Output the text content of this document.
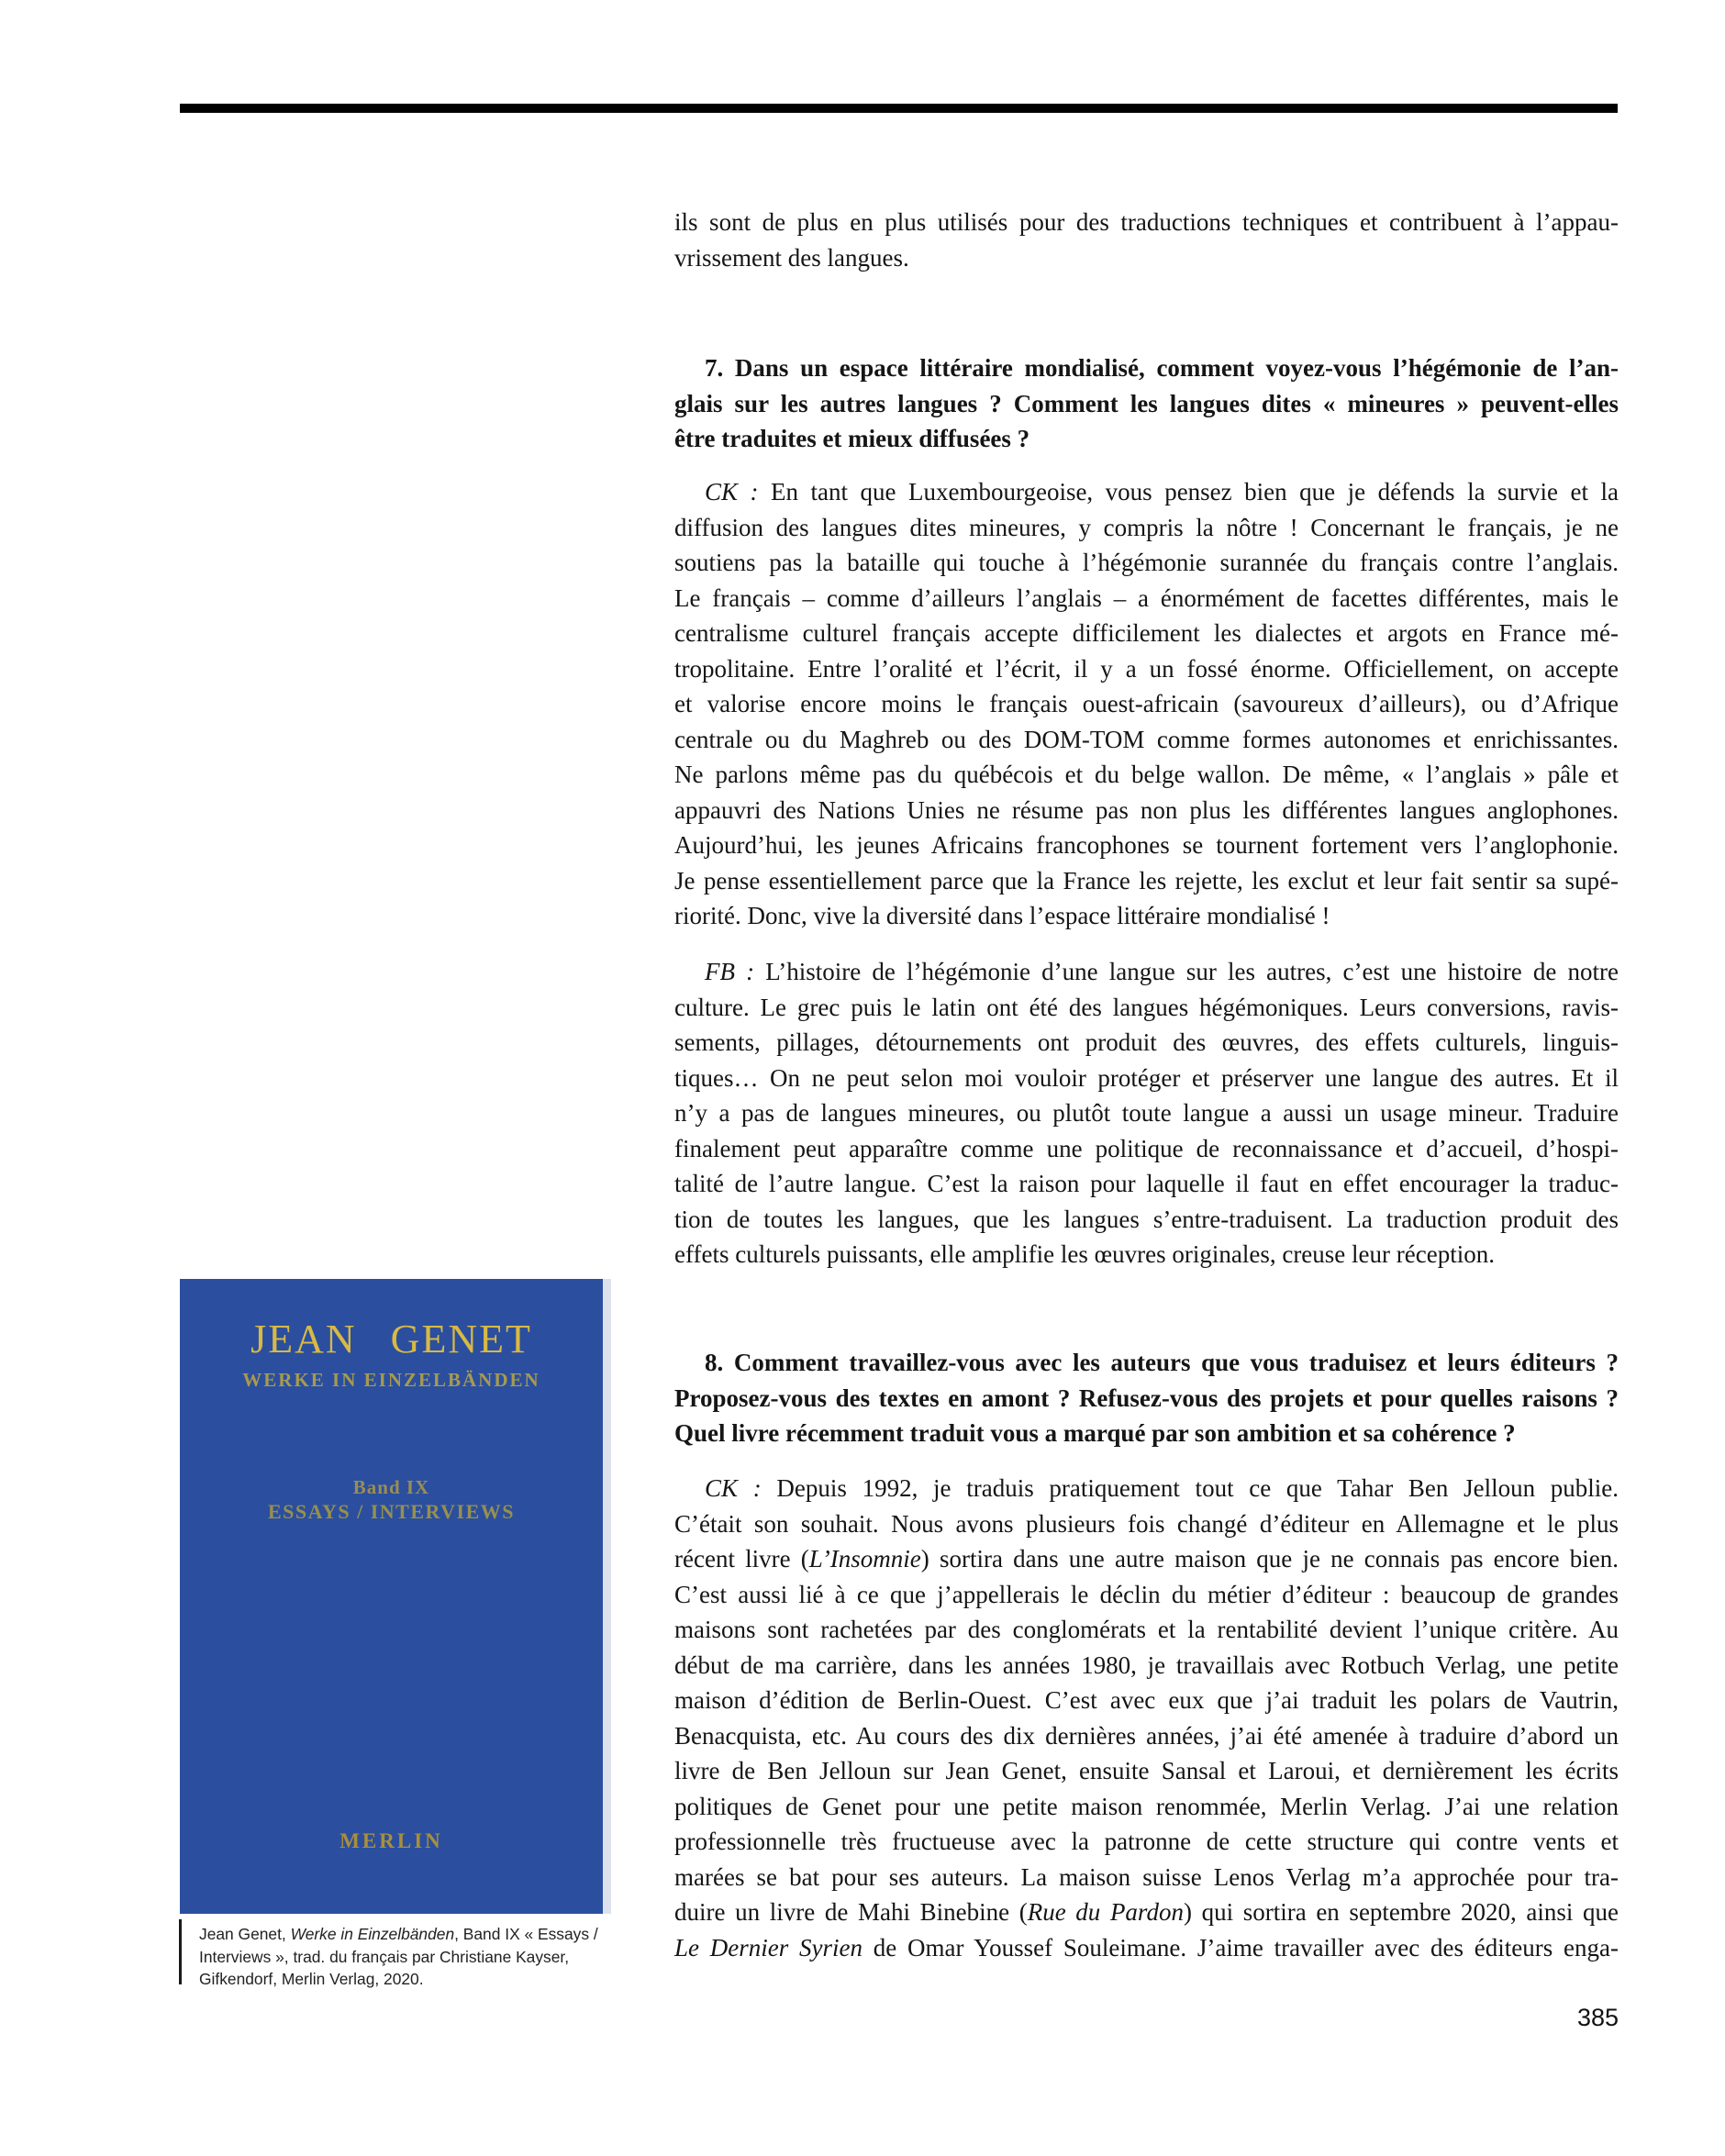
ils sont de plus en plus utilisés pour des traductions techniques et contribuent à l’appau-
vrissement des langues.
7. Dans un espace littéraire mondialisé, comment voyez-vous l’hégémonie de l’an-
glais sur les autres langues ? Comment les langues dites « mineures » peuvent-elles
être traduites et mieux diffusées ?
CK : En tant que Luxembourgeoise, vous pensez bien que je défends la survie et la
diffusion des langues dites mineures, y compris la nôtre ! Concernant le français, je ne
soutiens pas la bataille qui touche à l’hégémonie surannée du français contre l’anglais.
Le français – comme d’ailleurs l’anglais – a énormément de facettes différentes, mais le
centralisme culturel français accepte difficilement les dialectes et argots en France mé-
tropolitaine. Entre l’oralité et l’écrit, il y a un fossé énorme. Officiellement, on accepte
et valorise encore moins le français ouest-africain (savoureux d’ailleurs), ou d’Afrique
centrale ou du Maghreb ou des DOM-TOM comme formes autonomes et enrichissantes.
Ne parlons même pas du québécois et du belge wallon. De même, « l’anglais » pâle et
appauvri des Nations Unies ne résume pas non plus les différentes langues anglophones.
Aujourd’hui, les jeunes Africains francophones se tournent fortement vers l’anglophonie.
Je pense essentiellement parce que la France les rejette, les exclut et leur fait sentir sa supé-
riorité. Donc, vive la diversité dans l’espace littéraire mondialisé !
FB : L’histoire de l’hégémonie d’une langue sur les autres, c’est une histoire de notre
culture. Le grec puis le latin ont été des langues hégémoniques. Leurs conversions, ravis-
sements, pillages, détournements ont produit des œuvres, des effets culturels, linguis-
tiques… On ne peut selon moi vouloir protéger et préserver une langue des autres. Et il
n’y a pas de langues mineures, ou plutôt toute langue a aussi un usage mineur. Traduire
finalement peut apparaître comme une politique de reconnaissance et d’accueil, d’hospi-
talité de l’autre langue. C’est la raison pour laquelle il faut en effet encourager la traduc-
tion de toutes les langues, que les langues s’entre-traduisent. La traduction produit des
effets culturels puissants, elle amplifie les œuvres originales, creuse leur réception.
8. Comment travaillez-vous avec les auteurs que vous traduisez et leurs éditeurs ?
Proposez-vous des textes en amont ? Refusez-vous des projets et pour quelles raisons ?
Quel livre récemment traduit vous a marqué par son ambition et sa cohérence ?
CK : Depuis 1992, je traduis pratiquement tout ce que Tahar Ben Jelloun publie.
C’était son souhait. Nous avons plusieurs fois changé d’éditeur en Allemagne et le plus
récent livre (L’Insomnie) sortira dans une autre maison que je ne connais pas encore bien.
C’est aussi lié à ce que j’appellerais le déclin du métier d’éditeur : beaucoup de grandes
maisons sont rachetées par des conglomérats et la rentabilité devient l’unique critère. Au
début de ma carrière, dans les années 1980, je travaillais avec Rotbuch Verlag, une petite
maison d’édition de Berlin-Ouest. C’est avec eux que j’ai traduit les polars de Vautrin,
Benacquista, etc. Au cours des dix dernières années, j’ai été amenée à traduire d’abord un
livre de Ben Jelloun sur Jean Genet, ensuite Sansal et Laroui, et dernièrement les écrits
politiques de Genet pour une petite maison renommée, Merlin Verlag. J’ai une relation
professionnelle très fructueuse avec la patronne de cette structure qui contre vents et
marées se bat pour ses auteurs. La maison suisse Lenos Verlag m’a approchée pour tra-
duire un livre de Mahi Binebine (Rue du Pardon) qui sortira en septembre 2020, ainsi que
Le Dernier Syrien de Omar Youssef Souleimane. J’aime travailler avec des éditeurs enga-
JEAN GENET
WERKE IN EINZELBÄNDEN
Band IX
ESSAYS / INTERVIEWS
MERLIN
Jean Genet, Werke in Einzelbänden, Band IX « Essays /
Interviews », trad. du français par Christiane Kayser,
Gifkendorf, Merlin Verlag, 2020.
385
